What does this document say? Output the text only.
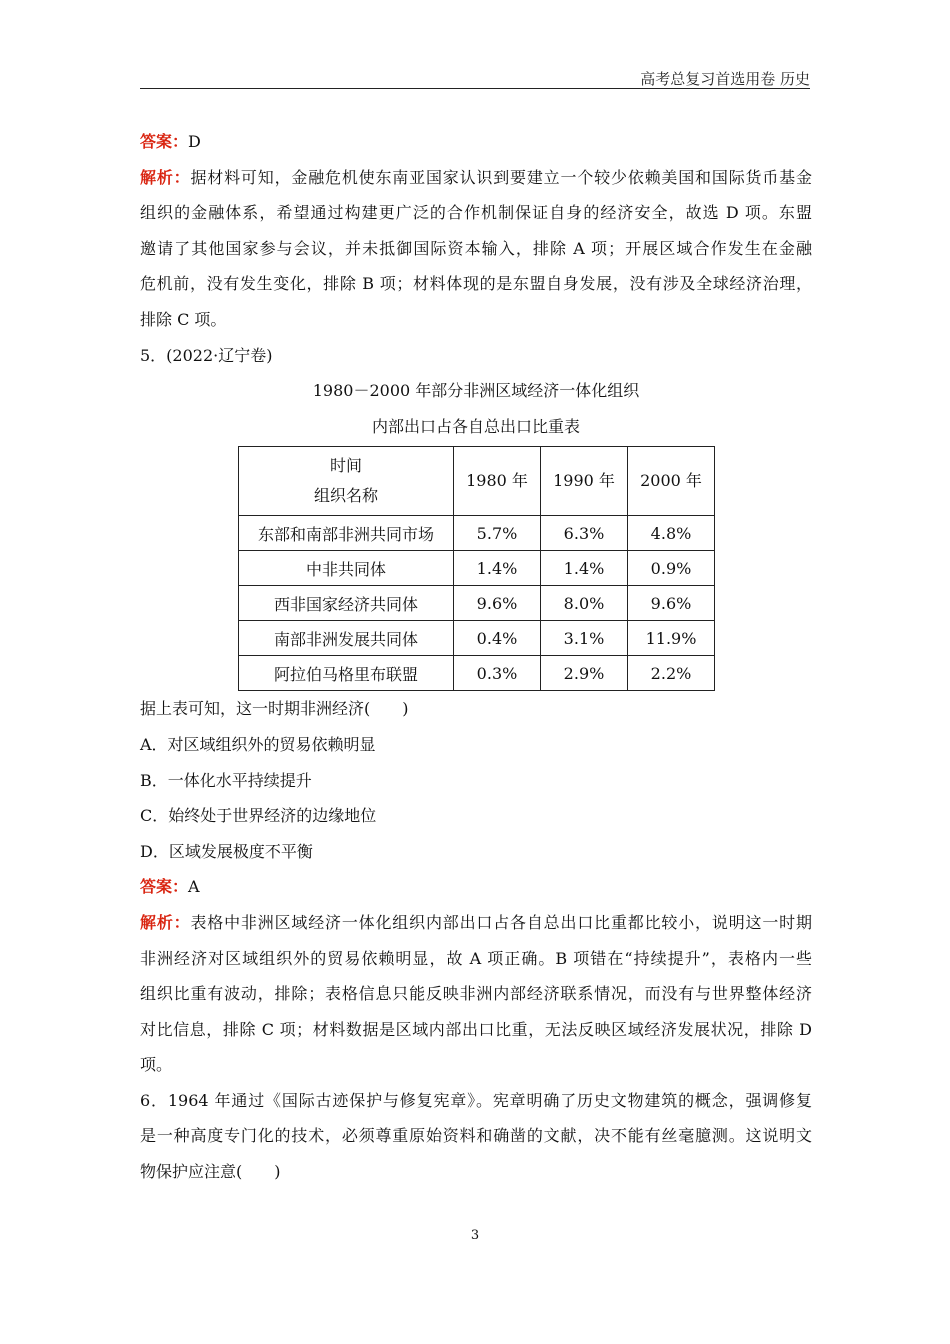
高考总复习首选用卷 历史
答案：D
解析：据材料可知，金融危机使东南亚国家认识到要建立一个较少依赖美国和国际货币基金
组织的金融体系，希望通过构建更广泛的合作机制保证自身的经济安全，故选 D 项。东盟
邀请了其他国家参与会议，并未抵御国际资本输入，排除 A 项；开展区域合作发生在金融
危机前，没有发生变化，排除 B 项；材料体现的是东盟自身发展，没有涉及全球经济治理，
排除 C 项。
5．(2022·辽宁卷)
1980－2000 年部分非洲区域经济一体化组织
内部出口占各自总出口比重表
时间
组织名称	1980 年	1990 年	2000 年
东部和南部非洲共同市场	5.7%	6.3%	4.8%
中非共同体	1.4%	1.4%	0.9%
西非国家经济共同体	9.6%	8.0%	9.6%
南部非洲发展共同体	0.4%	3.1%	11.9%
阿拉伯马格里布联盟	0.3%	2.9%	2.2%
据上表可知，这一时期非洲经济(　　)
A．对区域组织外的贸易依赖明显
B．一体化水平持续提升
C．始终处于世界经济的边缘地位
D．区域发展极度不平衡
答案：A
解析：表格中非洲区域经济一体化组织内部出口占各自总出口比重都比较小，说明这一时期
非洲经济对区域组织外的贸易依赖明显，故 A 项正确。B 项错在“持续提升”，表格内一些
组织比重有波动，排除；表格信息只能反映非洲内部经济联系情况，而没有与世界整体经济
对比信息，排除 C 项；材料数据是区域内部出口比重，无法反映区域经济发展状况，排除 D
项。
6．1964 年通过《国际古迹保护与修复宪章》。宪章明确了历史文物建筑的概念，强调修复
是一种高度专门化的技术，必须尊重原始资料和确凿的文献，决不能有丝毫臆测。这说明文
物保护应注意(　　)
3
